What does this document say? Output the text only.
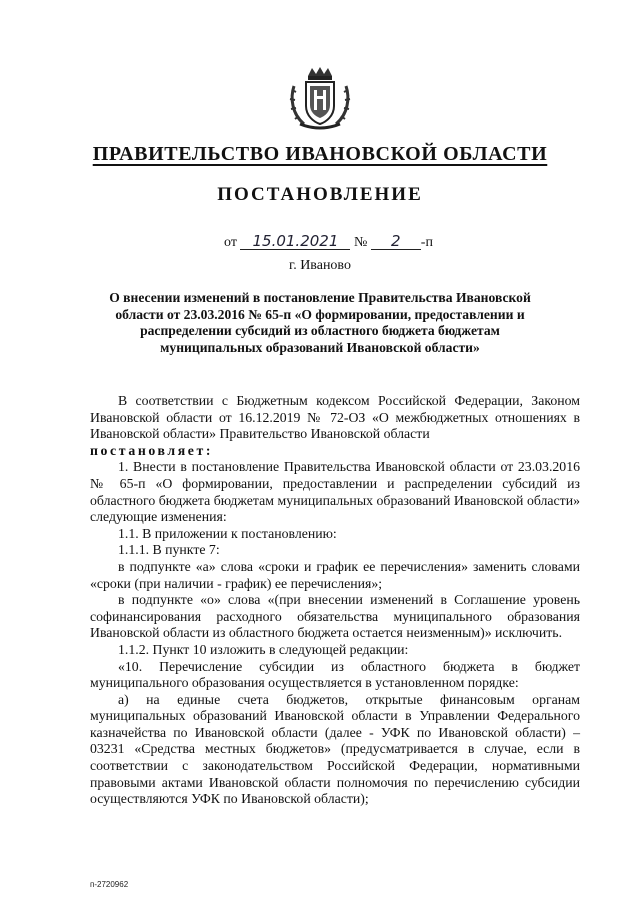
ПРАВИТЕЛЬСТВО ИВАНОВСКОЙ ОБЛАСТИ
ПОСТАНОВЛЕНИЕ
от 15.01.2021 № 2 -п
г. Иваново
О внесении изменений в постановление Правительства Ивановской области от 23.03.2016 № 65-п «О формировании, предоставлении и распределении субсидий из областного бюджета бюджетам муниципальных образований Ивановской области»

В соответствии с Бюджетным кодексом Российской Федерации, Законом Ивановской области от 16.12.2019 № 72-ОЗ «О межбюджетных отношениях в Ивановской области» Правительство Ивановской области

постановляет:

1. Внести в постановление Правительства Ивановской области от 23.03.2016 № 65-п «О формировании, предоставлении и распределении субсидий из областного бюджета бюджетам муниципальных образований Ивановской области» следующие изменения:

1.1. В приложении к постановлению:

1.1.1. В пункте 7:

в подпункте «а» слова «сроки и график ее перечисления» заменить словами «сроки (при наличии - график) ее перечисления»;

в подпункте «о» слова «(при внесении изменений в Соглашение уровень софинансирования расходного обязательства муниципального образования Ивановской области из областного бюджета остается неизменным)» исключить.

1.1.2. Пункт 10 изложить в следующей редакции:

«10. Перечисление субсидии из областного бюджета в бюджет муниципального образования осуществляется в установленном порядке:

а) на единые счета бюджетов, открытые финансовым органам муниципальных образований Ивановской области в Управлении Федерального казначейства по Ивановской области (далее - УФК по Ивановской области) – 03231 «Средства местных бюджетов» (предусматривается в случае, если в соответствии с законодательством Российской Федерации, нормативными правовыми актами Ивановской области полномочия по перечислению субсидии осуществляются УФК по Ивановской области);

п-2720962
